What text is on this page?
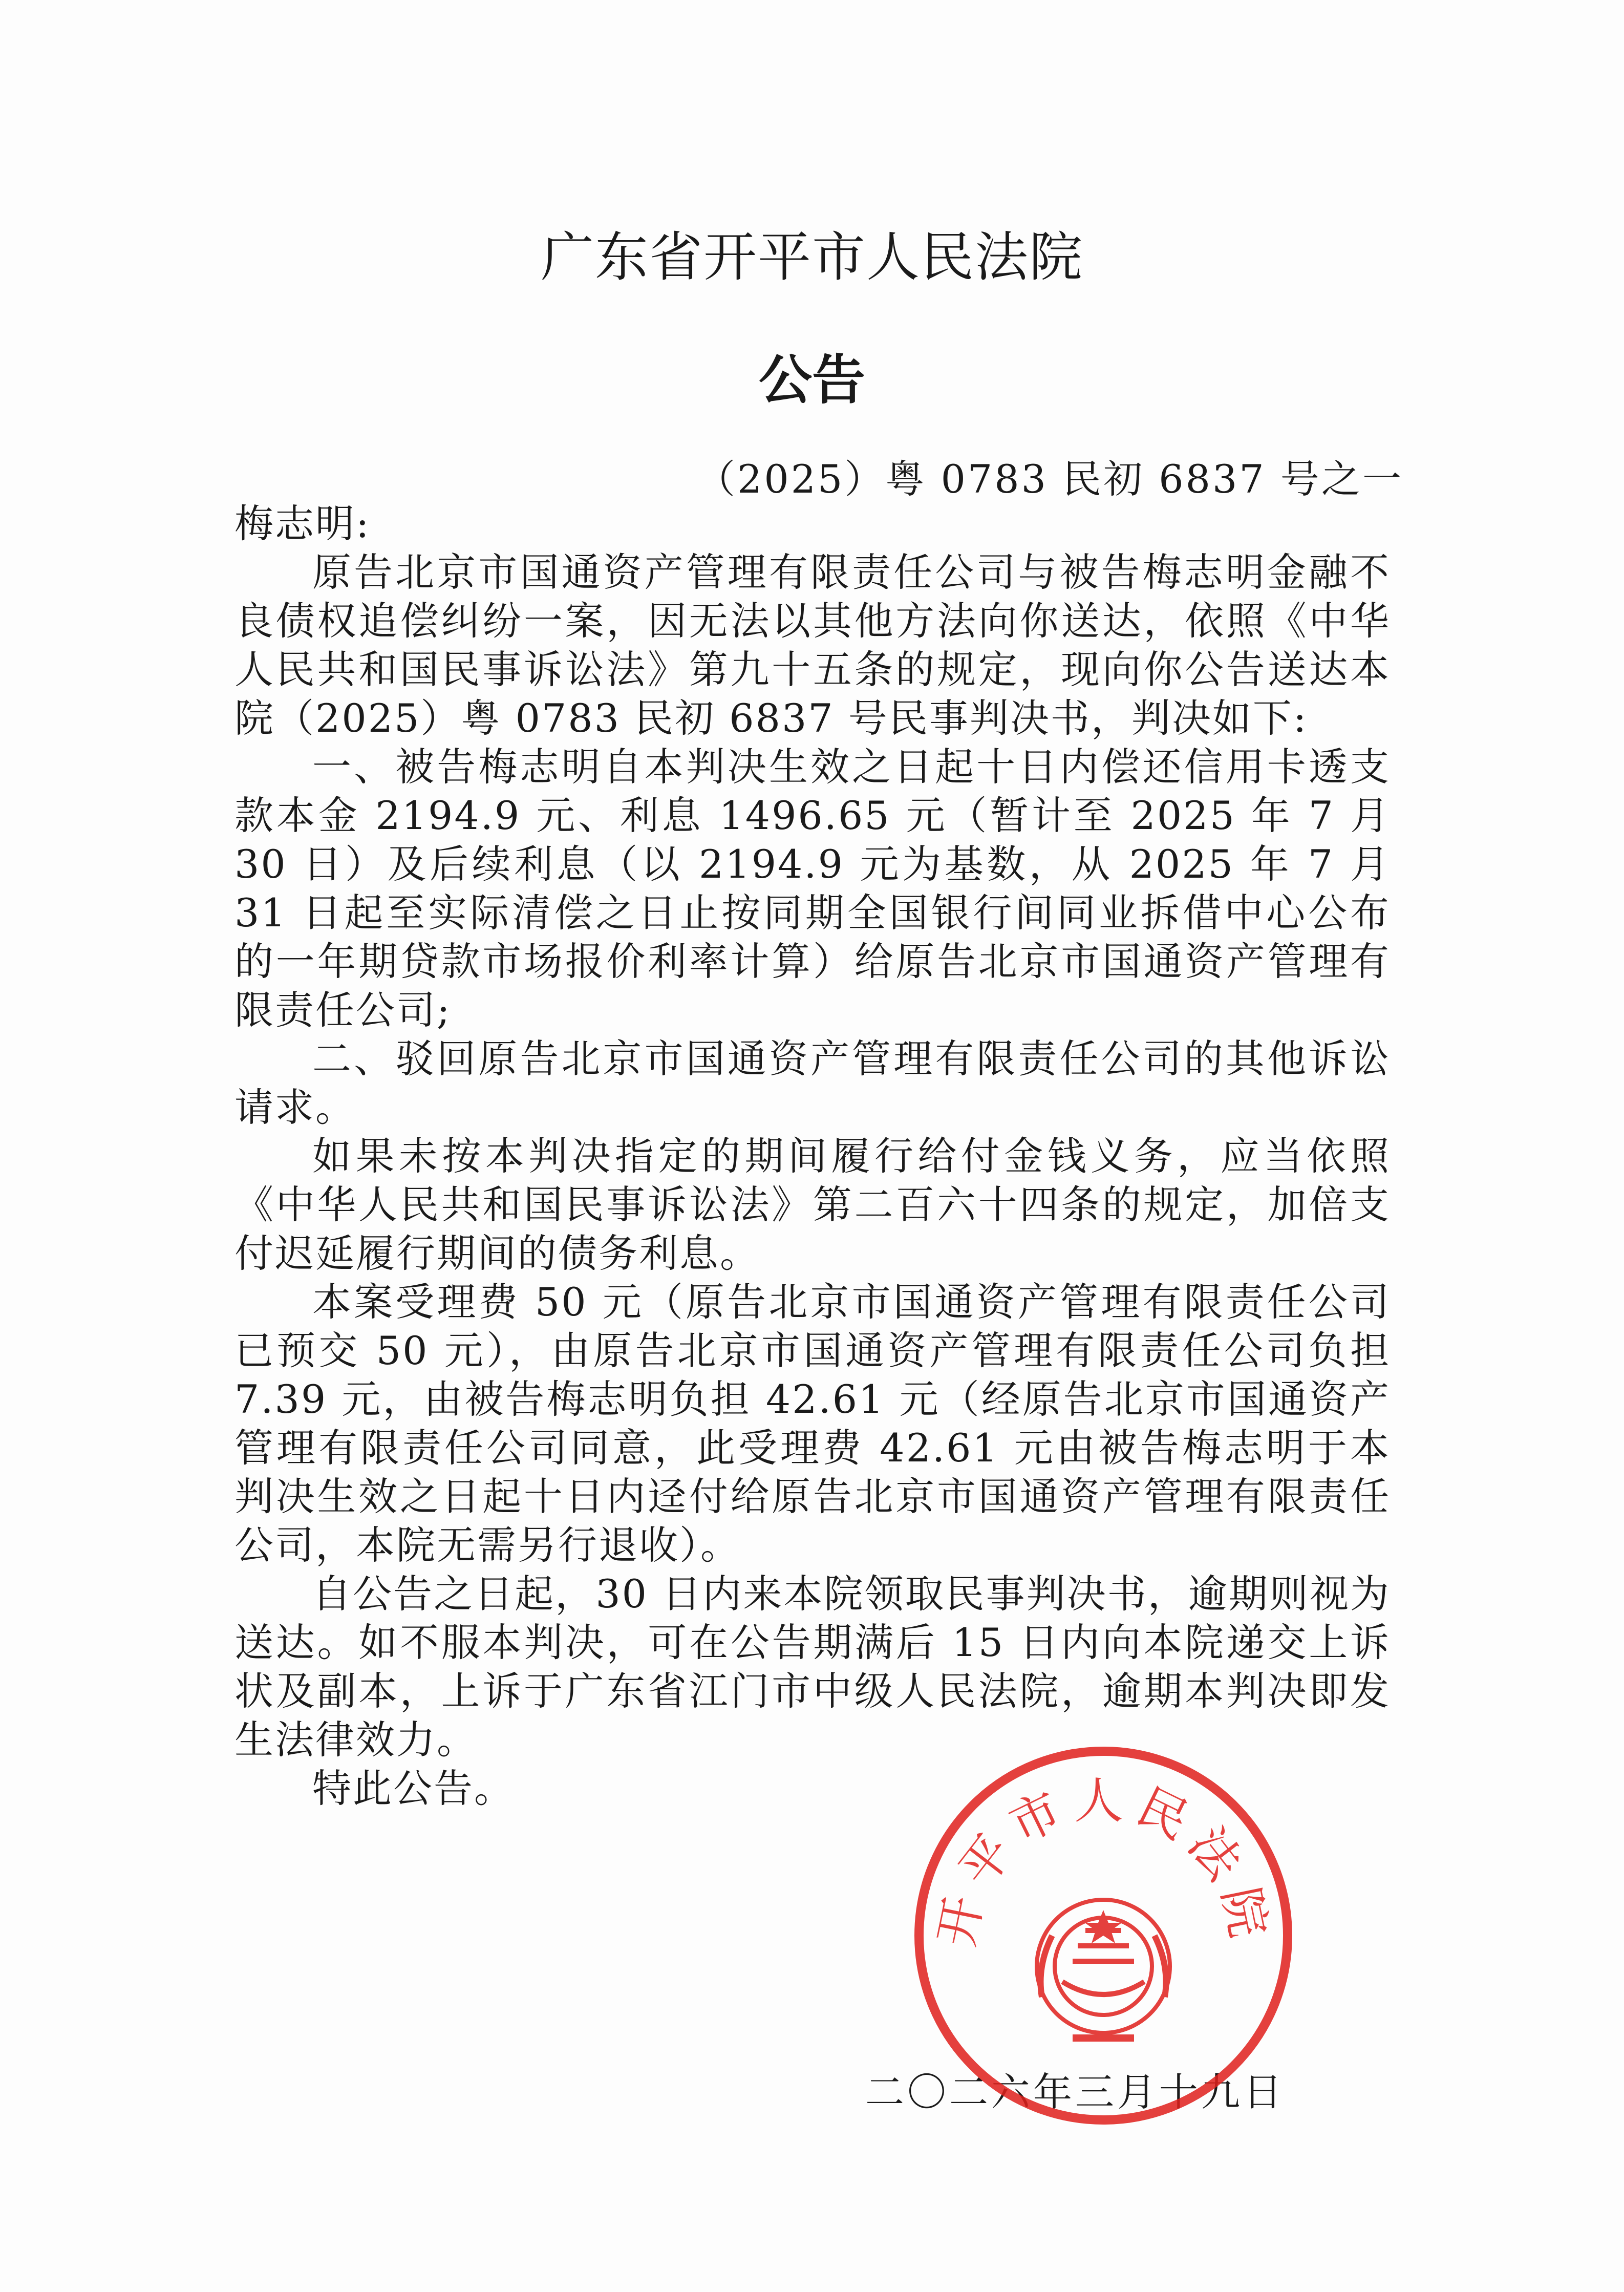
广东省开平市人民法院
公告
（2025）粤 0783 民初 6837 号之一

梅志明:

原告北京市国通资产管理有限责任公司与被告梅志明金融不良债权追偿纠纷一案，因无法以其他方法向你送达，依照《中华人民共和国民事诉讼法》第九十五条的规定，现向你公告送达本院（2025）粤 0783 民初 6837 号民事判决书，判决如下:

一、被告梅志明自本判决生效之日起十日内偿还信用卡透支款本金 2194.9 元、利息 1496.65 元（暂计至 2025 年 7 月 30 日）及后续利息（以 2194.9 元为基数，从 2025 年 7 月 31 日起至实际清偿之日止按同期全国银行间同业拆借中心公布的一年期贷款市场报价利率计算）给原告北京市国通资产管理有限责任公司;

二、驳回原告北京市国通资产管理有限责任公司的其他诉讼请求。

如果未按本判决指定的期间履行给付金钱义务，应当依照《中华人民共和国民事诉讼法》第二百六十四条的规定，加倍支付迟延履行期间的债务利息。

本案受理费 50 元（原告北京市国通资产管理有限责任公司已预交 50 元），由原告北京市国通资产管理有限责任公司负担 7.39 元，由被告梅志明负担 42.61 元（经原告北京市国通资产管理有限责任公司同意，此受理费 42.61 元由被告梅志明于本判决生效之日起十日内迳付给原告北京市国通资产管理有限责任公司，本院无需另行退收）。

自公告之日起，30 日内来本院领取民事判决书，逾期则视为送达。如不服本判决，可在公告期满后 15 日内向本院递交上诉状及副本，上诉于广东省江门市中级人民法院，逾期本判决即发生法律效力。

特此公告。

二〇二六年三月十九日
开平市人民法院
